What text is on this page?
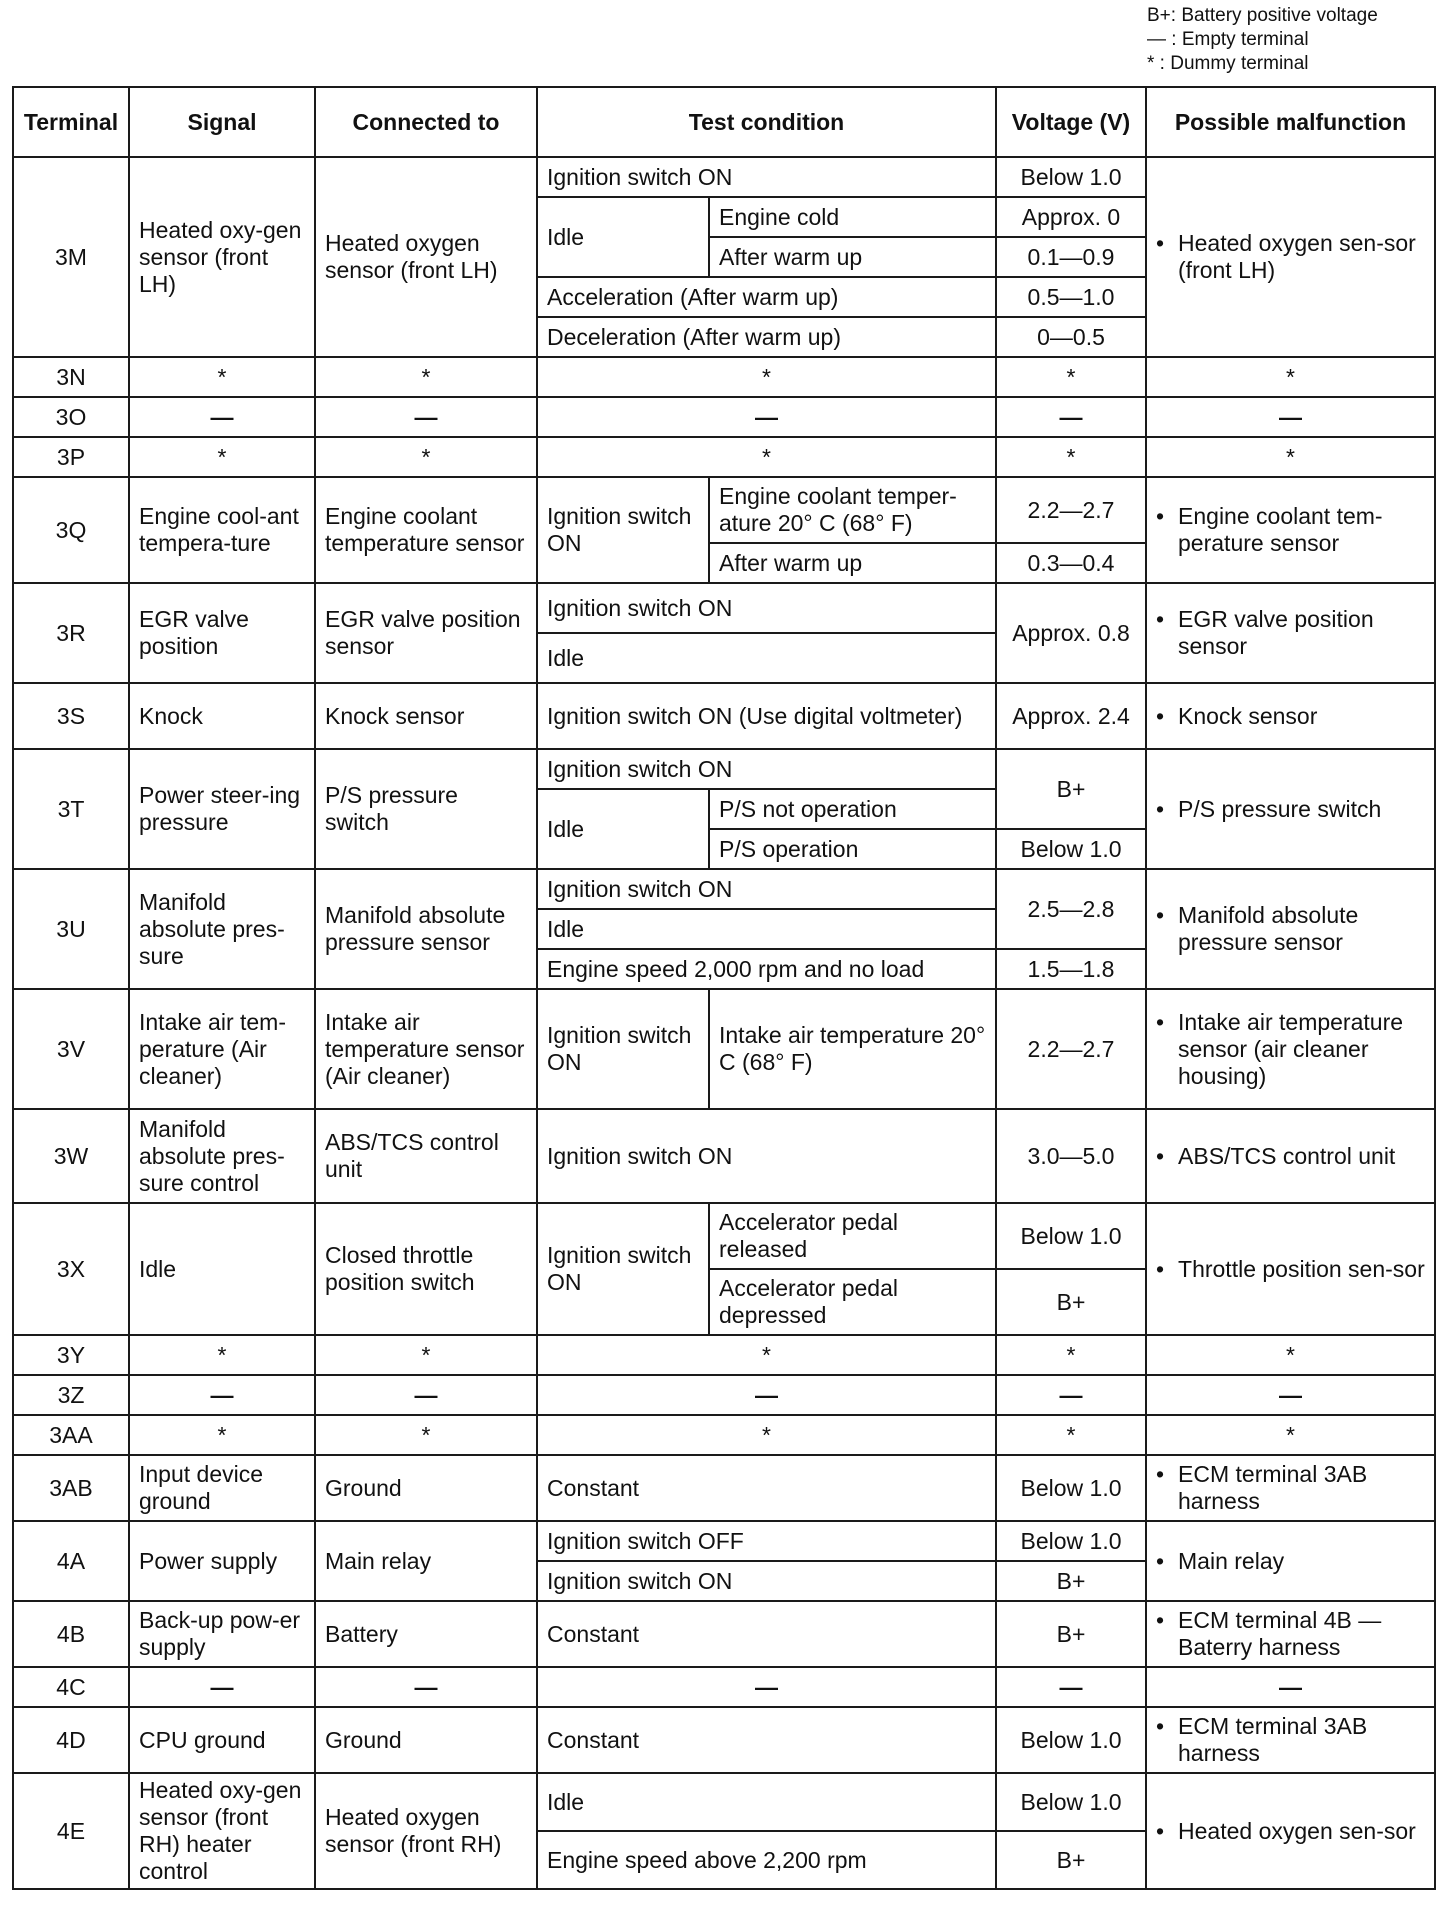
B+: Battery positive voltage
— : Empty terminal
* : Dummy terminal
Terminal	Signal	Connected to	Test condition		Voltage (V)	Possible malfunction
3M	Heated oxy-gen sensor (front LH)	Heated oxygen sensor (front LH)	Ignition switch ON		Below 1.0	• Heated oxygen sen-sor (front LH)

			Idle	Engine cold	Approx. 0	
				After warm up	0.1—0.9	
			Acceleration (After warm up)		0.5—1.0	
			Deceleration (After warm up)		0—0.5	
3N	*	*	*		*	*
3O	—	—	—		—	—
3P	*	*	*		*	*
3Q	Engine cool-ant tempera-ture	Engine coolant temperature sensor	Ignition switch ON	Engine coolant temper-ature 20° C (68° F)	2.2—2.7	• Engine coolant tem-perature sensor

				After warm up	0.3—0.4	
3R	EGR valve position	EGR valve position sensor	Ignition switch ON		Approx. 0.8	• EGR valve position sensor

			Idle			
3S	Knock	Knock sensor	Ignition switch ON (Use digital voltmeter)		Approx. 2.4	• Knock sensor

3T	Power steer-ing pressure	P/S pressure switch	Ignition switch ON		B+	• P/S pressure switch

			Idle	P/S not operation		
				P/S operation	Below 1.0	
3U	Manifold absolute pres-sure	Manifold absolute pressure sensor	Ignition switch ON		2.5—2.8	• Manifold absolute pressure sensor

			Idle			
			Engine speed 2,000 rpm and no load		1.5—1.8	
3V	Intake air tem-perature (Air cleaner)	Intake air temperature sensor (Air cleaner)	Ignition switch ON	Intake air temperature 20° C (68° F)	2.2—2.7	• Intake air temperature sensor (air cleaner housing)

3W	Manifold absolute pres-sure control	ABS/TCS control unit	Ignition switch ON		3.0—5.0	• ABS/TCS control unit

3X	Idle	Closed throttle position switch	Ignition switch ON	Accelerator pedal released	Below 1.0	• Throttle position sen-sor

				Accelerator pedal depressed	B+	
3Y	*	*	*		*	*
3Z	—	—	—		—	—
3AA	*	*	*		*	*
3AB	Input device ground	Ground	Constant		Below 1.0	• ECM terminal 3AB harness

4A	Power supply	Main relay	Ignition switch OFF		Below 1.0	• Main relay

			Ignition switch ON		B+	
4B	Back-up pow-er supply	Battery	Constant		B+	• ECM terminal 4B — Baterry harness

4C	—	—	—		—	—
4D	CPU ground	Ground	Constant		Below 1.0	• ECM terminal 3AB harness

4E	Heated oxy-gen sensor (front RH) heater control	Heated oxygen sensor (front RH)	Idle		Below 1.0	• Heated oxygen sen-sor

			Engine speed above 2,200 rpm		B+	
